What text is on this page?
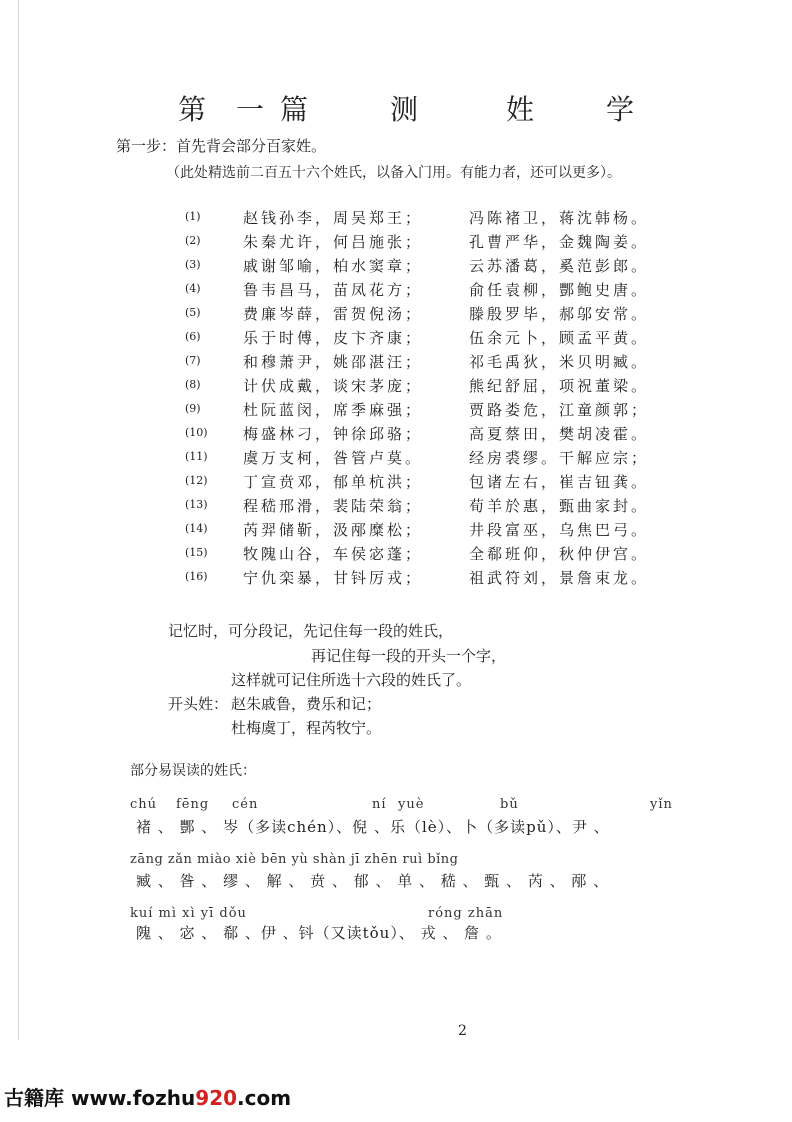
第 一 篇	测	姓	学
第一步：首先背会部分百家姓。
（此处精选前二百五十六个姓氏，以备入门用。有能力者，还可以更多）。
(1)	赵钱孙李，周吴郑王；	冯陈褚卫，蒋沈韩杨。
(2)	朱秦尤许，何吕施张；	孔曹严华，金魏陶姜。
(3)	戚谢邹喻，柏水窦章；	云苏潘葛，奚范彭郎。
(4)	鲁韦昌马，苗凤花方；	俞任袁柳，酆鲍史唐。
(5)	费廉岑薛，雷贺倪汤；	滕殷罗毕，郝邬安常。
(6)	乐于时傅，皮卞齐康；	伍余元卜，顾孟平黄。
(7)	和穆萧尹，姚邵湛汪；	祁毛禹狄，米贝明臧。
(8)	计伏成戴，谈宋茅庞；	熊纪舒屈，项祝董梁。
(9)	杜阮蓝闵，席季麻强；	贾路娄危，江童颜郭；
(10)	梅盛林刁，钟徐邱骆；	高夏蔡田，樊胡凌霍。
(11)	虞万支柯，昝管卢莫。	经房裘缪。干解应宗；
(12)	丁宣贲邓，郁单杭洪；	包诸左右，崔吉钮龚。
(13)	程嵇邢滑，裴陆荣翁；	荀羊於惠，甄曲家封。
(14)	芮羿储靳，汲邴糜松；	井段富巫，乌焦巴弓。
(15)	牧隗山谷，车侯宓蓬；	全郗班仰，秋仲伊宫。
(16)	宁仇栾暴，甘钭厉戎；	祖武符刘，景詹束龙。
记忆时，可分段记，先记住每一段的姓氏，
再记住每一段的开头一个字，
这样就可记住所选十六段的姓氏了。
开头姓： 赵朱戚鲁，费乐和记；
杜梅虞丁，程芮牧宁。
部分易误读的姓氏：
chú fēng cén	ní yuè	bǔ	yǐn
褚 、 酆 、 岑（多读chén）、倪 、乐（lè）、卜（多读pǔ）、尹 、
zāng zǎn miào xiè bēn yù shàn jī zhēn ruì bǐng
臧 、 昝 、 缪 、 解 、 贲 、 郁 、 单 、 嵇 、 甄 、 芮 、 邴 、
kuí mì xì yī dǒu	róng zhān
隗 、 宓 、 郗 、伊 、钭（又读tǒu）、 戎 、 詹 。
2
古籍库 www.fozhu920.com
